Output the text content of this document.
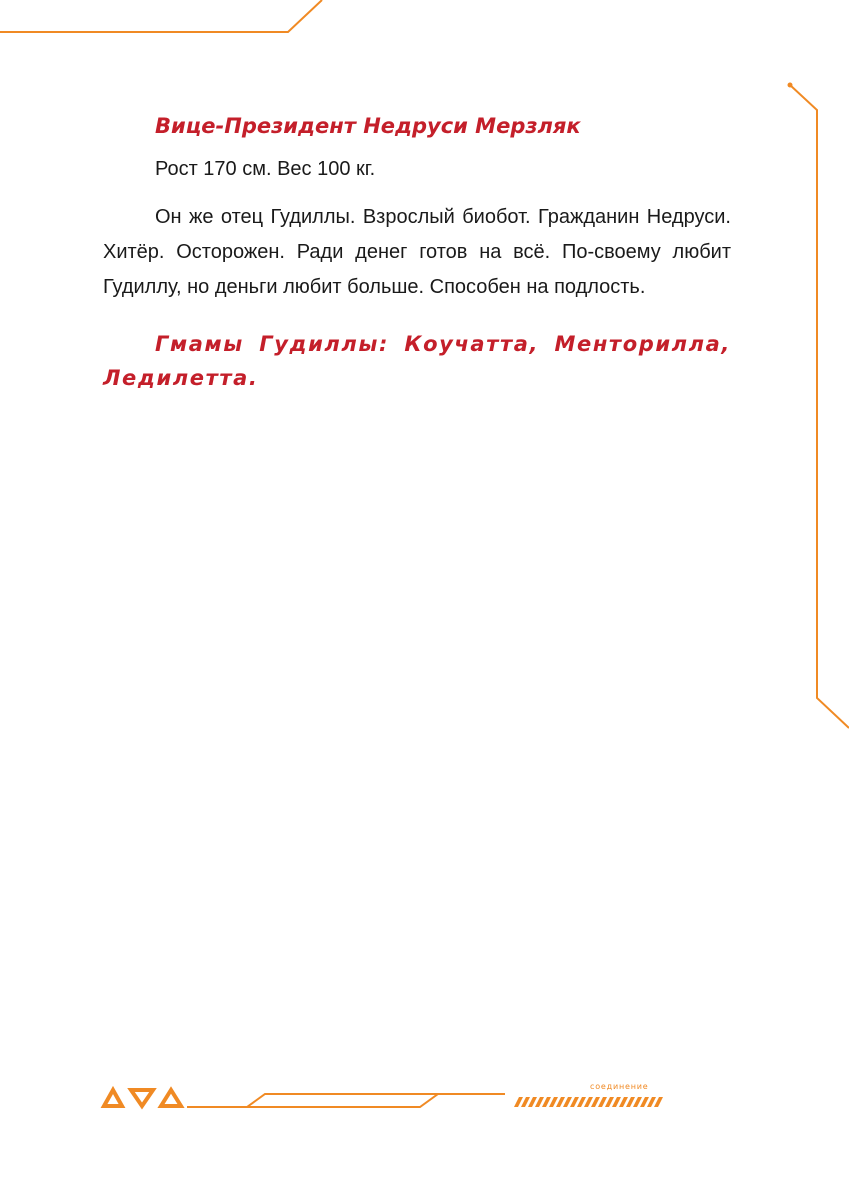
Вице-Президент Недруси Мерзляк

Рост 170 см. Вес 100 кг.

Он же отец Гудиллы. Взрослый биобот. Гражданин Недруси. Хитёр. Осторожен. Ради денег готов на всё. По-своему любит Гудиллу, но деньги любит больше. Способен на подлость.

Гмамы Гудиллы: Коучатта, Менторилла, Ледилетта.

соединение
